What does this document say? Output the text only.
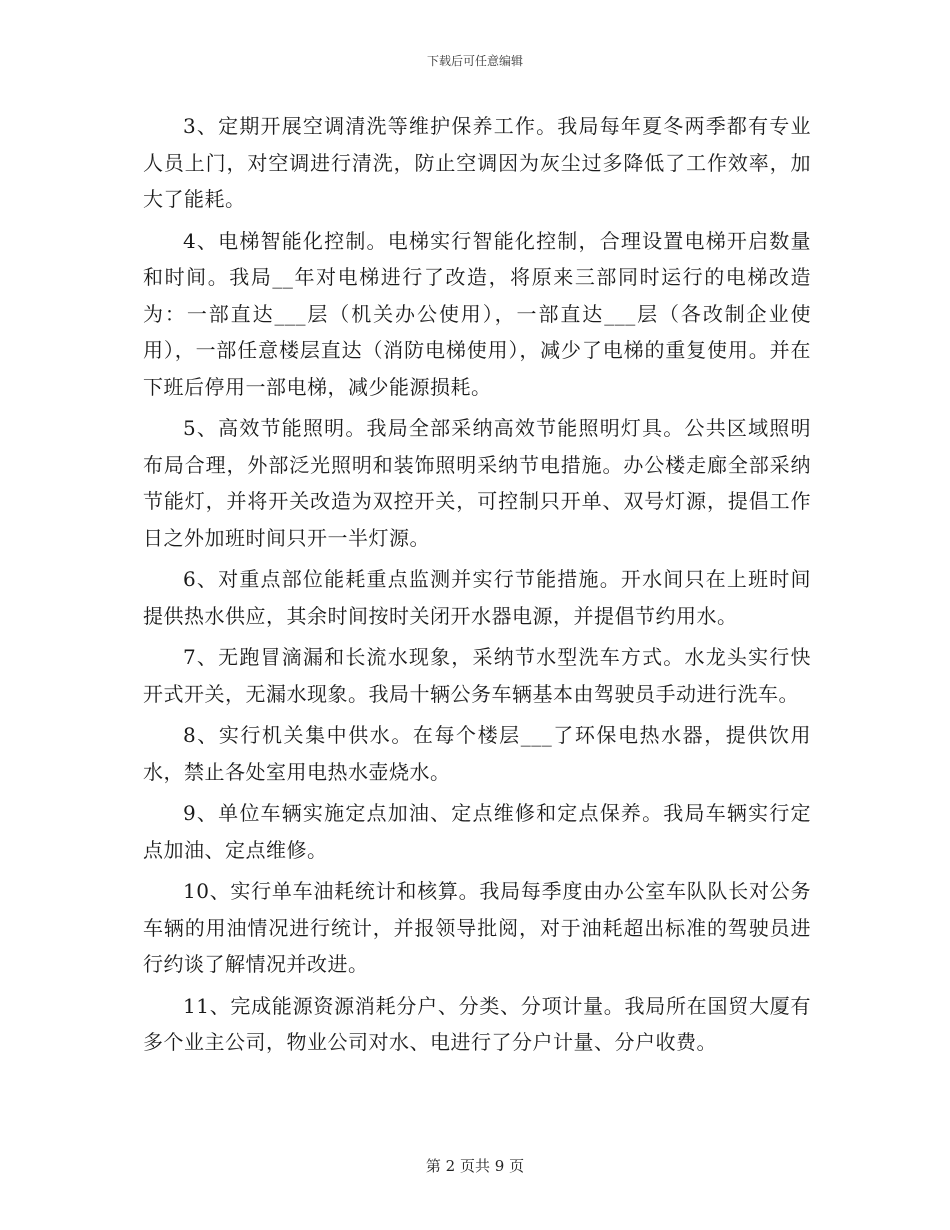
下载后可任意编辑

3、定期开展空调清洗等维护保养工作。我局每年夏冬两季都有专业人员上门，对空调进行清洗，防止空调因为灰尘过多降低了工作效率，加大了能耗。

4、电梯智能化控制。电梯实行智能化控制，合理设置电梯开启数量和时间。我局__年对电梯进行了改造，将原来三部同时运行的电梯改造为：一部直达___层（机关办公使用），一部直达___层（各改制企业使用），一部任意楼层直达（消防电梯使用），减少了电梯的重复使用。并在下班后停用一部电梯，减少能源损耗。

5、高效节能照明。我局全部采纳高效节能照明灯具。公共区域照明布局合理，外部泛光照明和装饰照明采纳节电措施。办公楼走廊全部采纳节能灯，并将开关改造为双控开关，可控制只开单、双号灯源，提倡工作日之外加班时间只开一半灯源。

6、对重点部位能耗重点监测并实行节能措施。开水间只在上班时间提供热水供应，其余时间按时关闭开水器电源，并提倡节约用水。

7、无跑冒滴漏和长流水现象，采纳节水型洗车方式。水龙头实行快开式开关，无漏水现象。我局十辆公务车辆基本由驾驶员手动进行洗车。

8、实行机关集中供水。在每个楼层___了环保电热水器，提供饮用水，禁止各处室用电热水壶烧水。

9、单位车辆实施定点加油、定点维修和定点保养。我局车辆实行定点加油、定点维修。

10、实行单车油耗统计和核算。我局每季度由办公室车队队长对公务车辆的用油情况进行统计，并报领导批阅，对于油耗超出标准的驾驶员进行约谈了解情况并改进。

11、完成能源资源消耗分户、分类、分项计量。我局所在国贸大厦有多个业主公司，物业公司对水、电进行了分户计量、分户收费。

第 2 页共 9 页
